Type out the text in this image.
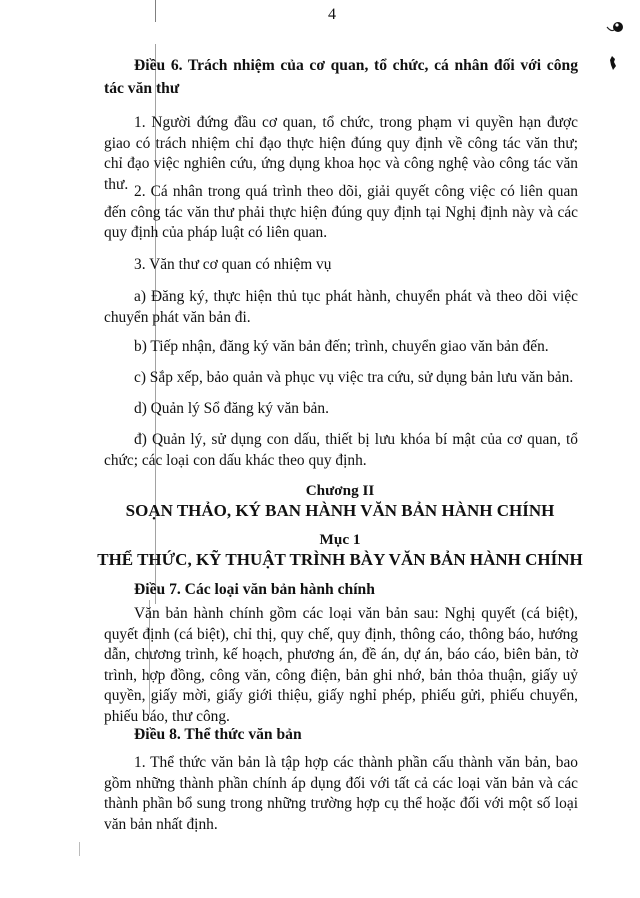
4

Điều 6. Trách nhiệm của cơ quan, tổ chức, cá nhân đối với công tác văn thư

1. Người đứng đầu cơ quan, tổ chức, trong phạm vi quyền hạn được giao có trách nhiệm chỉ đạo thực hiện đúng quy định về công tác văn thư; chỉ đạo việc nghiên cứu, ứng dụng khoa học và công nghệ vào công tác văn thư. 2. Cá nhân trong quá trình theo dõi, giải quyết công việc có liên quan đến công tác văn thư phải thực hiện đúng quy định tại Nghị định này và các quy định của pháp luật có liên quan.

3. Văn thư cơ quan có nhiệm vụ

a) Đăng ký, thực hiện thủ tục phát hành, chuyển phát và theo dõi việc chuyển phát văn bản đi.

b) Tiếp nhận, đăng ký văn bản đến; trình, chuyển giao văn bản đến.

c) Sắp xếp, bảo quản và phục vụ việc tra cứu, sử dụng bản lưu văn bản.

d) Quản lý Sổ đăng ký văn bản.

đ) Quản lý, sử dụng con dấu, thiết bị lưu khóa bí mật của cơ quan, tổ chức; các loại con dấu khác theo quy định.

Chương II

SOẠN THẢO, KÝ BAN HÀNH VĂN BẢN HÀNH CHÍNH

Mục 1

THỂ THỨC, KỸ THUẬT TRÌNH BÀY VĂN BẢN HÀNH CHÍNH

Điều 7. Các loại văn bản hành chính

Văn bản hành chính gồm các loại văn bản sau: Nghị quyết (cá biệt), quyết định (cá biệt), chỉ thị, quy chế, quy định, thông cáo, thông báo, hướng dẫn, chương trình, kế hoạch, phương án, đề án, dự án, báo cáo, biên bản, tờ trình, hợp đồng, công văn, công điện, bản ghi nhớ, bản thỏa thuận, giấy uỷ quyền, giấy mời, giấy giới thiệu, giấy nghỉ phép, phiếu gửi, phiếu chuyển, phiếu báo, thư công.

Điều 8. Thể thức văn bản

1. Thể thức văn bản là tập hợp các thành phần cấu thành văn bản, bao gồm những thành phần chính áp dụng đối với tất cả các loại văn bản và các thành phần bổ sung trong những trường hợp cụ thể hoặc đối với một số loại văn bản nhất định.
